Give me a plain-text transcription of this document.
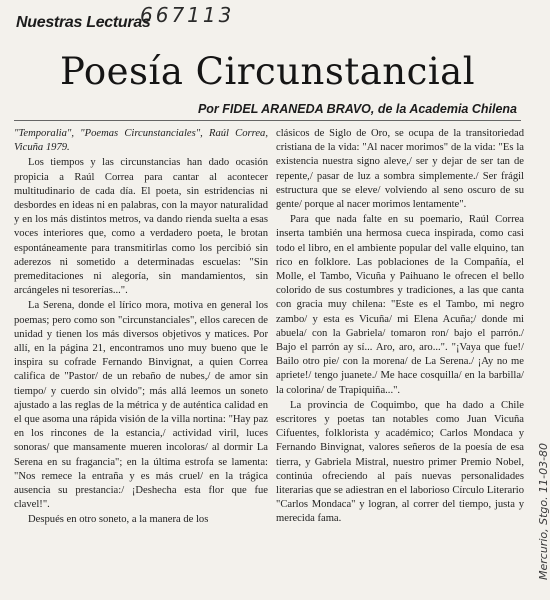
667113
Nuestras Lecturas
Poesía Circunstancial
Por FIDEL ARANEDA BRAVO, de la Academia Chilena

"Temporalia", "Poemas Circunstanciales", Raúl Correa, Vicuña 1979.

Los tiempos y las circunstancias han dado ocasión propicia a Raúl Correa para cantar al acontecer multitudinario de cada día. El poeta, sin estridencias ni desbordes en ideas ni en palabras, con la mayor naturalidad y en los más distintos metros, va dando rienda suelta a esas voces interiores que, como a verdadero poeta, le brotan espontáneamente para transmitirlas como los percibió sin aderezos ni sometido a determinadas escuelas: "Sin premeditaciones ni alegoría, sin mandamientos, sin arcángeles ni tesorerías...".

La Serena, donde el lírico mora, motiva en general los poemas; pero como son "circunstanciales", ellos carecen de unidad y tienen los más diversos objetivos y matices. Por allí, en la página 21, encontramos uno muy bueno que le inspira su cofrade Fernando Binvignat, a quien Correa califica de "Pastor/ de un rebaño de nubes,/ de amor sin tiempo/ y cuerdo sin olvido"; más allá leemos un soneto ajustado a las reglas de la métrica y de auténtica calidad en el que asoma una rápida visión de la villa nortina: "Hay paz en los rincones de la estancia,/ actividad viril, luces sonoras/ que mansamente mueren incoloras/ al dormir La Serena en su fragancia"; en la última estrofa se lamenta: "Nos remece la entraña y es más cruel/ en la trágica ausencia su prestancia:/ ¡Deshecha esta flor que fue clavel!".

Después en otro soneto, a la manera de los

clásicos de Siglo de Oro, se ocupa de la transitoriedad cristiana de la vida: "Al nacer morimos" de la vida: "Es la existencia nuestra signo aleve,/ ser y dejar de ser tan de repente,/ pasar de luz a sombra simplemente./ Ser frágil estructura que se eleve/ volviendo al seno oscuro de su gente/ porque al nacer morimos lentamente".

Para que nada falte en su poemario, Raúl Correa inserta también una hermosa cueca inspirada, como casi todo el libro, en el ambiente popular del valle elquino, tan rico en folklore. Las poblaciones de la Compañía, el Molle, el Tambo, Vicuña y Paihuano le ofrecen el bello colorido de sus costumbres y tradiciones, a las que canta con gracia muy chilena: "Este es el Tambo, mi negro zambo/ y esta es Vicuña/ mi Elena Acuña;/ donde mi abuela/ con la Gabriela/ tomaron ron/ bajo el parrón./ Bajo el parrón ay sí... Aro, aro, aro...". "¡Vaya que fue!/ Bailo otro pie/ con la morena/ de La Serena./ ¡Ay no me apriete!/ tengo juanete./ Me hace cosquilla/ en la barbilla/ la colorina/ de Trapiquiña...".

La provincia de Coquimbo, que ha dado a Chile escritores y poetas tan notables como Juan Vicuña Cifuentes, folklorista y académico; Carlos Mondaca y Fernando Binvignat, valores señeros de la poesía de esa tierra, y Gabriela Mistral, nuestro primer Premio Nobel, continúa ofreciendo al país nuevas personalidades literarias que se adiestran en el laborioso Círculo Literario "Carlos Mondaca" y logran, al correr del tiempo, justa y merecida fama.	Mercurio, Stgo. 11-03-80
